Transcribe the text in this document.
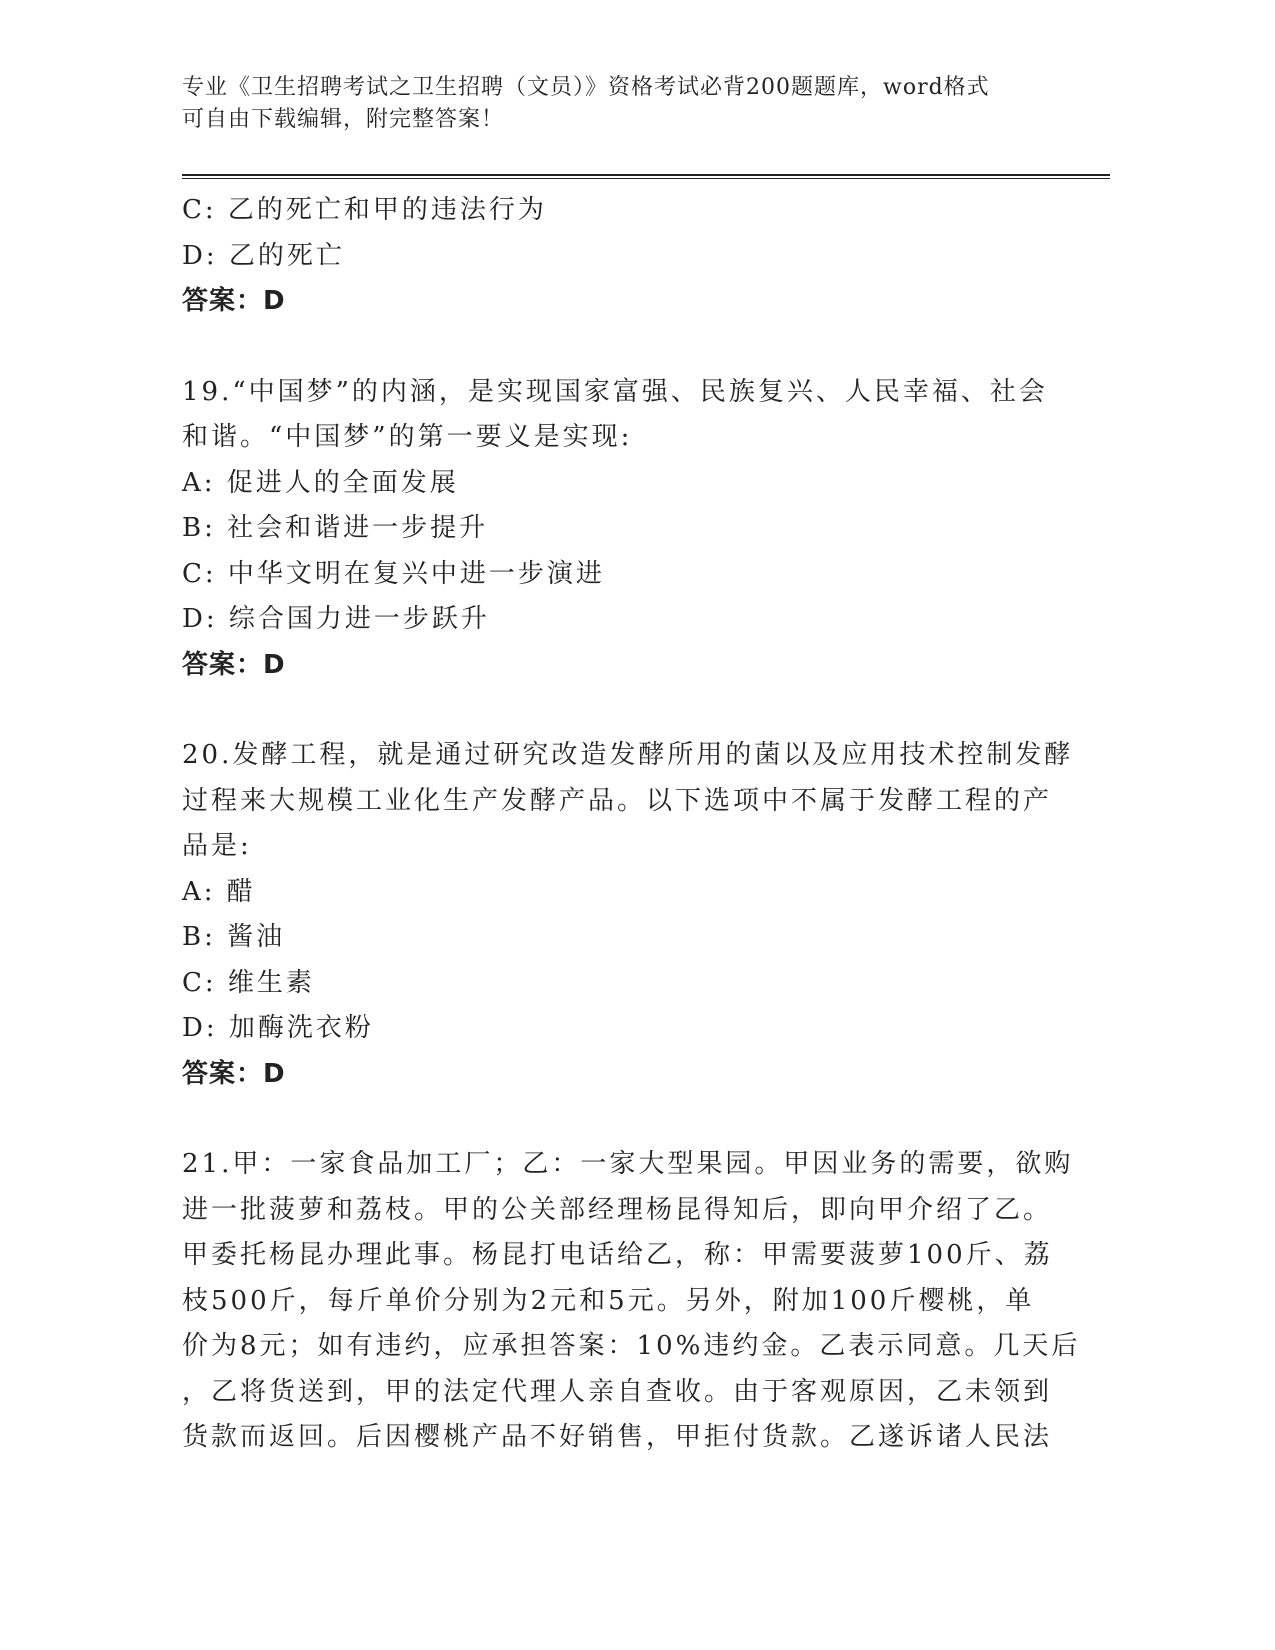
专业《卫生招聘考试之卫生招聘（文员）》资格考试必背200题题库，word格式
可自由下载编辑，附完整答案！
C: 乙的死亡和甲的违法行为
D: 乙的死亡
答案：D
19.“中国梦”的内涵，是实现国家富强、民族复兴、人民幸福、社会
和谐。“中国梦”的第一要义是实现:
A: 促进人的全面发展
B: 社会和谐进一步提升
C: 中华文明在复兴中进一步演进
D: 综合国力进一步跃升
答案：D
20.发酵工程，就是通过研究改造发酵所用的菌以及应用技术控制发酵
过程来大规模工业化生产发酵产品。以下选项中不属于发酵工程的产
品是:
A: 醋
B: 酱油
C: 维生素
D: 加酶洗衣粉
答案：D
21.甲：一家食品加工厂；乙：一家大型果园。甲因业务的需要，欲购
进一批菠萝和荔枝。甲的公关部经理杨昆得知后，即向甲介绍了乙。
甲委托杨昆办理此事。杨昆打电话给乙，称：甲需要菠萝100斤、荔
枝500斤，每斤单价分别为2元和5元。另外，附加100斤樱桃，单
价为8元；如有违约，应承担答案：10%违约金。乙表示同意。几天后
，乙将货送到，甲的法定代理人亲自查收。由于客观原因，乙未领到
货款而返回。后因樱桃产品不好销售，甲拒付货款。乙遂诉诸人民法
